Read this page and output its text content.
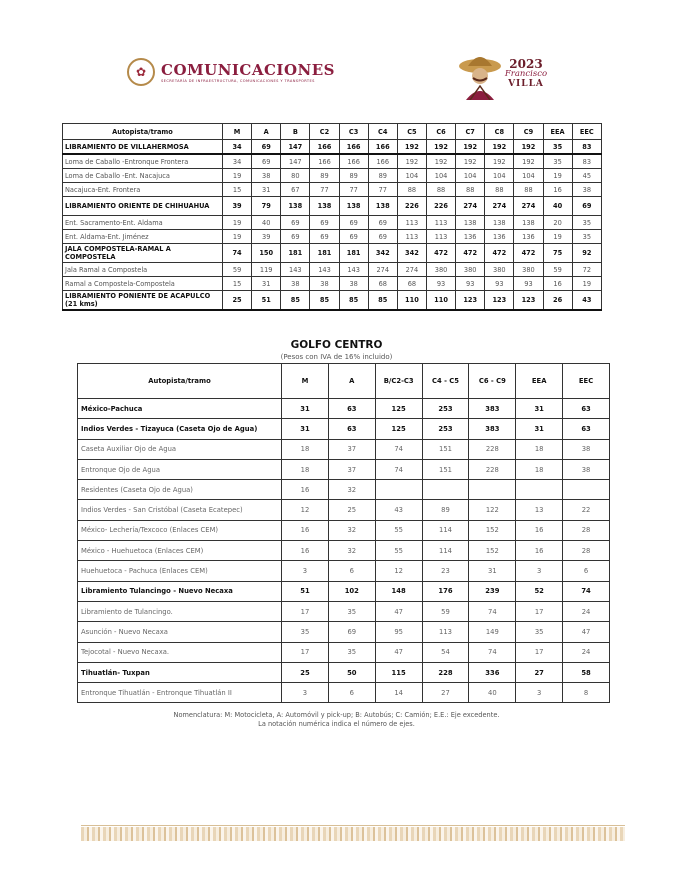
✿ COMUNICACIONES
SECRETARÍA DE INFRAESTRUCTURA, COMUNICACIONES Y TRANSPORTES
2023
Francisco
VILLA
Autopista/tramo	M	A	B	C2	C3	C4	C5	C6	C7	C8	C9	EEA	EEC
LIBRAMIENTO DE VILLAHERMOSA	34	69	147	166	166	166	192	192	192	192	192	35	83
Loma de Caballo -Entronque Frontera	34	69	147	166	166	166	192	192	192	192	192	35	83
Loma de Caballo -Ent. Nacajuca	19	38	80	89	89	89	104	104	104	104	104	19	45
Nacajuca-Ent. Frontera	15	31	67	77	77	77	88	88	88	88	88	16	38
LIBRAMIENTO ORIENTE DE CHIHUAHUA	39	79	138	138	138	138	226	226	274	274	274	40	69
Ent. Sacramento-Ent. Aldama	19	40	69	69	69	69	113	113	138	138	138	20	35
Ent. Aldama-Ent. Jiménez	19	39	69	69	69	69	113	113	136	136	136	19	35
JALA COMPOSTELA-RAMAL A COMPOSTELA	74	150	181	181	181	342	342	472	472	472	472	75	92
Jala Ramal a Compostela	59	119	143	143	143	274	274	380	380	380	380	59	72
Ramal a Compostela-Compostela	15	31	38	38	38	68	68	93	93	93	93	16	19
LIBRAMIENTO PONIENTE DE ACAPULCO (21 kms)	25	51	85	85	85	85	110	110	123	123	123	26	43
GOLFO CENTRO
(Pesos con IVA de 16% incluido)
Autopista/tramo	M	A	B/C2-C3	C4 - C5	C6 - C9	EEA	EEC
México-Pachuca	31	63	125	253	383	31	63
Indios Verdes - Tizayuca (Caseta Ojo de Agua)	31	63	125	253	383	31	63
Caseta Auxiliar Ojo de Agua	18	37	74	151	228	18	38
Entronque Ojo de Agua	18	37	74	151	228	18	38
Residentes (Caseta Ojo de Agua)	16	32					
Indios Verdes - San Cristóbal (Caseta Ecatepec)	12	25	43	89	122	13	22
México- Lechería/Texcoco (Enlaces CEM)	16	32	55	114	152	16	28
México - Huehuetoca (Enlaces CEM)	16	32	55	114	152	16	28
Huehuetoca - Pachuca (Enlaces CEM)	3	6	12	23	31	3	6
Libramiento Tulancingo - Nuevo Necaxa	51	102	148	176	239	52	74
Libramiento de Tulancingo.	17	35	47	59	74	17	24
Asunción - Nuevo Necaxa	35	69	95	113	149	35	47
Tejocotal - Nuevo Necaxa.	17	35	47	54	74	17	24
Tihuatlán- Tuxpan	25	50	115	228	336	27	58
Entronque Tihuatlán - Entronque Tihuatlán II	3	6	14	27	40	3	8
Nomenclatura: M: Motocicleta, A: Automóvil y pick-up; B: Autobús; C: Camión; E.E.: Eje excedente.
La notación numérica indica el número de ejes.
